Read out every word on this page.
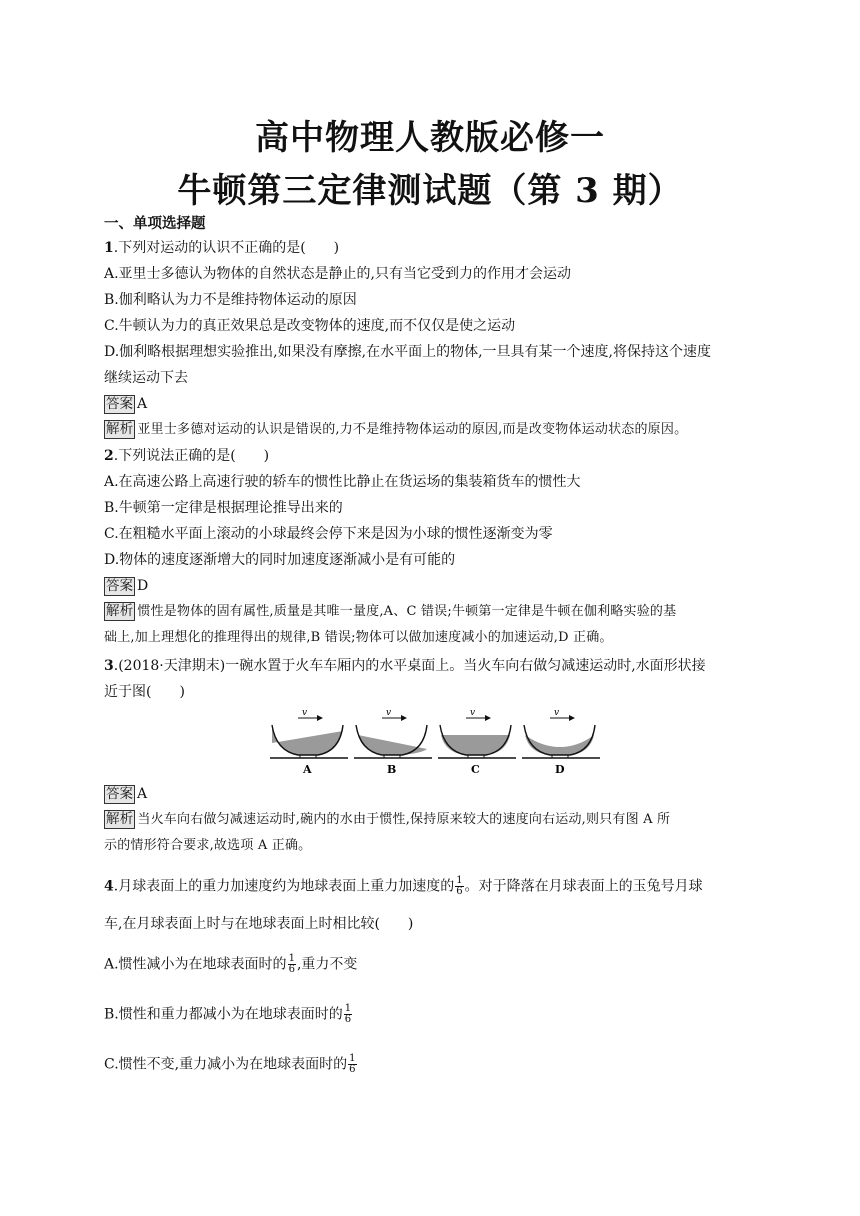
高中物理人教版必修一
牛顿第三定律测试题（第 3 期）
一、单项选择题
1.下列对运动的认识不正确的是(　　)
A.亚里士多德认为物体的自然状态是静止的,只有当它受到力的作用才会运动
B.伽利略认为力不是维持物体运动的原因
C.牛顿认为力的真正效果总是改变物体的速度,而不仅仅是使之运动
D.伽利略根据理想实验推出,如果没有摩擦,在水平面上的物体,一旦具有某一个速度,将保持这个速度
继续运动下去
答案 A
解析 亚里士多德对运动的认识是错误的,力不是维持物体运动的原因,而是改变物体运动状态的原因。
2.下列说法正确的是(　　)
A.在高速公路上高速行驶的轿车的惯性比静止在货运场的集装箱货车的惯性大
B.牛顿第一定律是根据理论推导出来的
C.在粗糙水平面上滚动的小球最终会停下来是因为小球的惯性逐渐变为零
D.物体的速度逐渐增大的同时加速度逐渐减小是有可能的
答案 D
解析 惯性是物体的固有属性,质量是其唯一量度,A、C 错误;牛顿第一定律是牛顿在伽利略实验的基
础上,加上理想化的推理得出的规律,B 错误;物体可以做加速度减小的加速运动,D 正确。
3.(2018·天津期末)一碗水置于火车车厢内的水平桌面上。当火车向右做匀减速运动时,水面形状接
近于图(　　)
v
A
v
B
v
C
v
D
答案 A
解析 当火车向右做匀减速运动时,碗内的水由于惯性,保持原来较大的速度向右运动,则只有图 A 所
示的情形符合要求,故选项 A 正确。
4.月球表面上的重力加速度约为地球表面上重力加速度的 $\frac{1}{6}$ 。对于降落在月球表面上的玉兔号月球
车,在月球表面上时与在地球表面上时相比较(　　)
A.惯性减小为在地球表面时的 $\frac{1}{6}$ ,重力不变
B.惯性和重力都减小为在地球表面时的 $\frac{1}{6}$
C.惯性不变,重力减小为在地球表面时的 $\frac{1}{6}$
